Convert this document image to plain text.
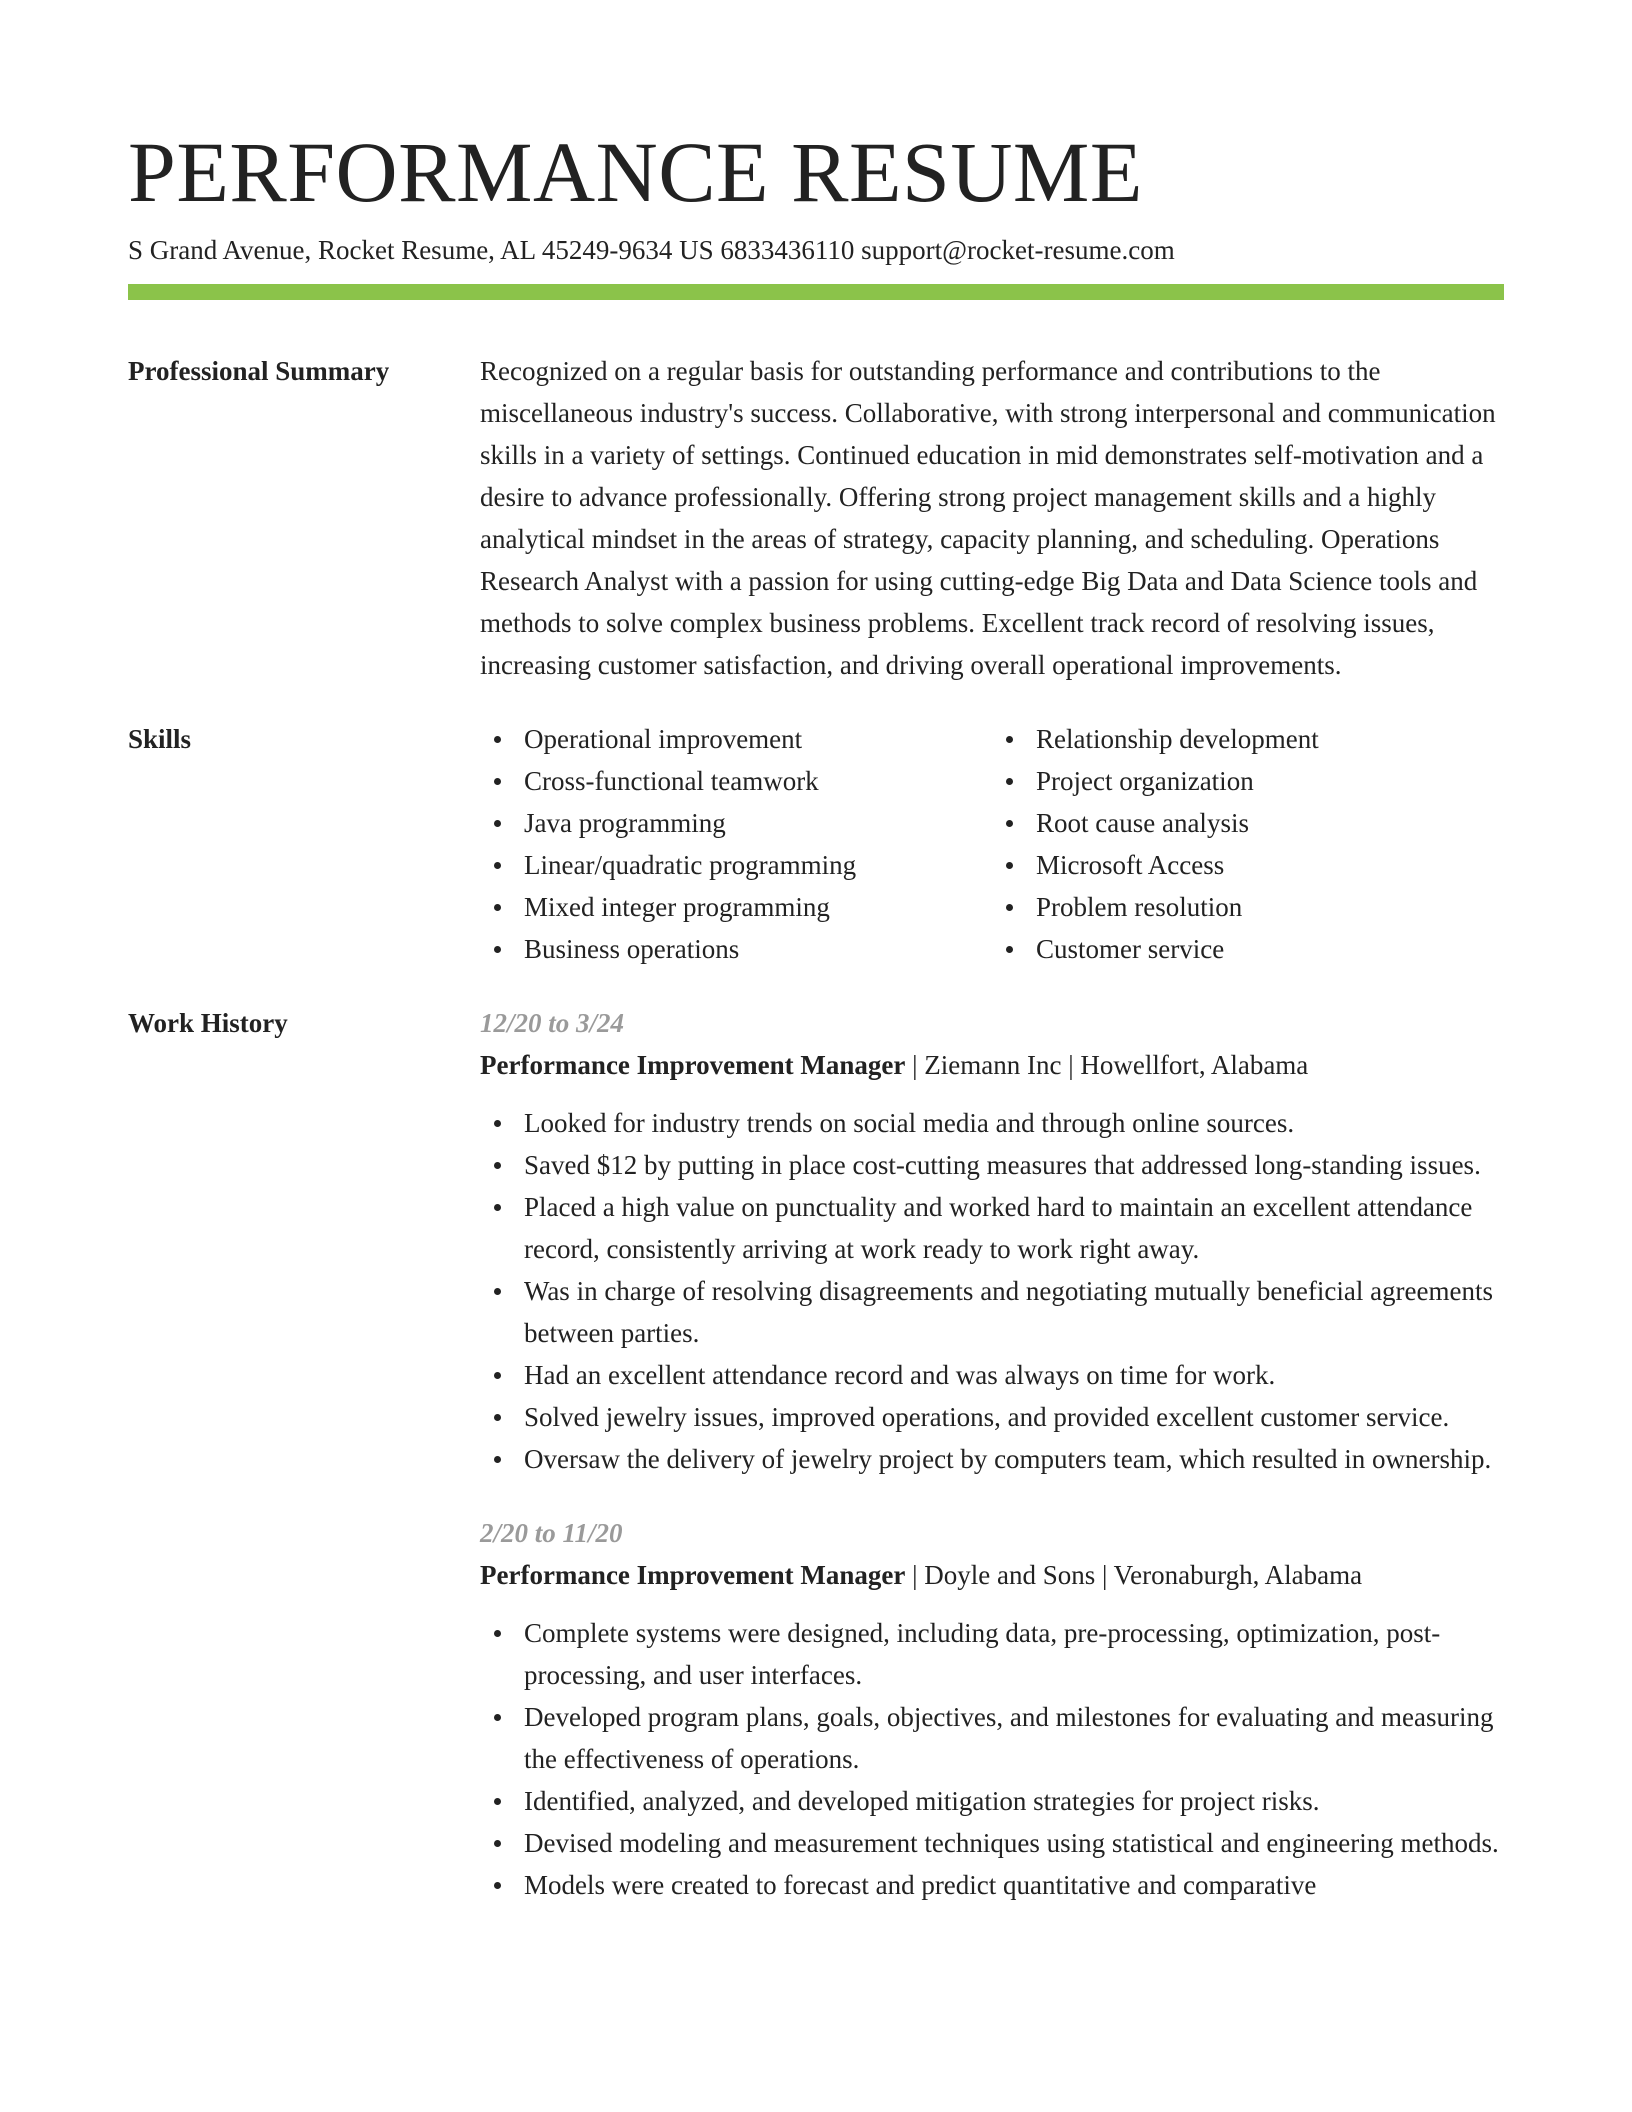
PERFORMANCE RESUME
S Grand Avenue, Rocket Resume, AL 45249-9634 US 6833436110 support@rocket-resume.com
Professional Summary	Recognized on a regular basis for outstanding performance and contributions to the miscellaneous industry's success. Collaborative, with strong interpersonal and communication skills in a variety of settings. Continued education in mid demonstrates self-motivation and a desire to advance professionally. Offering strong project management skills and a highly analytical mindset in the areas of strategy, capacity planning, and scheduling. Operations Research Analyst with a passion for using cutting-edge Big Data and Data Science tools and methods to solve complex business problems. Excellent track record of resolving issues, increasing customer satisfaction, and driving overall operational improvements.
Skills	Operational improvement
Cross-functional teamwork
Java programming
Linear/quadratic programming
Mixed integer programming
Business operations
Relationship development
Project organization
Root cause analysis
Microsoft Access
Problem resolution
Customer service
Work History	12/20 to 3/24
Performance Improvement Manager | Ziemann Inc | Howellfort, Alabama
Looked for industry trends on social media and through online sources.
Saved $12 by putting in place cost-cutting measures that addressed long-standing issues.
Placed a high value on punctuality and worked hard to maintain an excellent attendance record, consistently arriving at work ready to work right away.
Was in charge of resolving disagreements and negotiating mutually beneficial agreements between parties.
Had an excellent attendance record and was always on time for work.
Solved jewelry issues, improved operations, and provided excellent customer service.
Oversaw the delivery of jewelry project by computers team, which resulted in ownership.
2/20 to 11/20
Performance Improvement Manager | Doyle and Sons | Veronaburgh, Alabama
Complete systems were designed, including data, pre-processing, optimization, post-processing, and user interfaces.
Developed program plans, goals, objectives, and milestones for evaluating and measuring the effectiveness of operations.
Identified, analyzed, and developed mitigation strategies for project risks.
Devised modeling and measurement techniques using statistical and engineering methods.
Models were created to forecast and predict quantitative and comparative
